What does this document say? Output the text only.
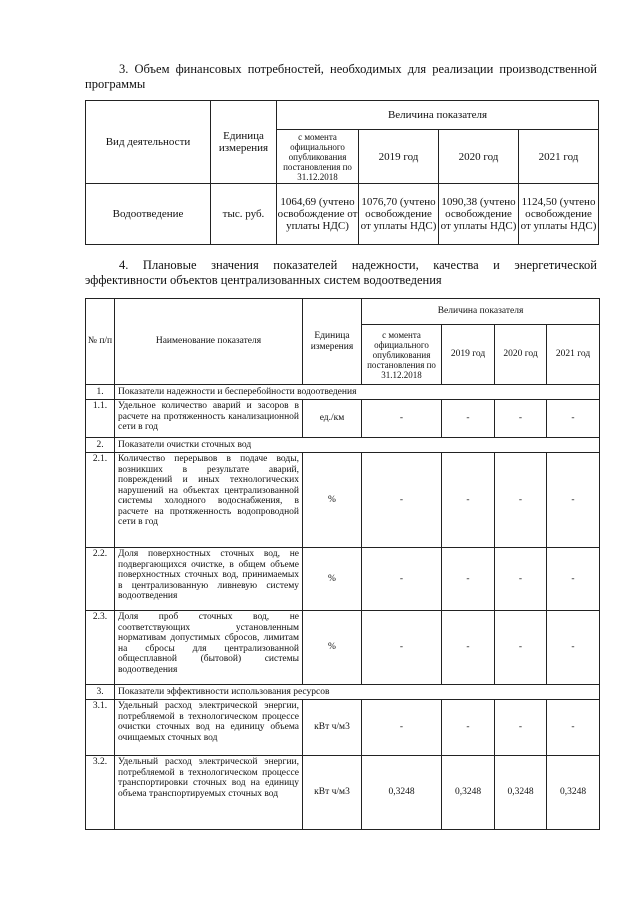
3. Объем финансовых потребностей, необходимых для реализации производственной программы
Вид деятельности	Единица измерения	Величина показателя			
		с момента официального опубликования постановления по 31.12.2018	2019 год	2020 год	2021 год
Водоотведение	тыс. руб.	1064,69 (учтено освобождение от уплаты НДС)	1076,70 (учтено освобождение от уплаты НДС)	1090,38 (учтено освобождение от уплаты НДС)	1124,50 (учтено освобождение от уплаты НДС)
4. Плановые значения показателей надежности, качества и энергетической эффективности объектов централизованных систем водоотведения
№ п/п	Наименование показателя	Единица измерения	Величина показателя			
			с момента официального опубликования постановления по 31.12.2018	2019 год	2020 год	2021 год
1.	Показатели надежности и бесперебойности водоотведения					
1.1.	Удельное количество аварий и засоров в расчете на протяженность канализационной сети в год	ед./км	-	-	-	-
2.	Показатели очистки сточных вод					
2.1.	Количество перерывов в подаче воды, возникших в результате аварий, повреждений и иных технологических нарушений на объектах централизованной системы холодного водоснабжения, в расчете на протяженность водопроводной сети в год	%	-	-	-	-
2.2.	Доля поверхностных сточных вод, не подвергающихся очистке, в общем объеме поверхностных сточных вод, принимаемых в централизованную ливневую систему водоотведения	%	-	-	-	-
2.3.	Доля проб сточных вод, не соответствующих установленным нормативам допустимых сбросов, лимитам на сбросы для централизованной общесплавной (бытовой) системы водоотведения	%	-	-	-	-
3.	Показатели эффективности использования ресурсов					
3.1.	Удельный расход электрической энергии, потребляемой в технологическом процессе очистки сточных вод на единицу объема очищаемых сточных вод	кВт ч/м3	-	-	-	-
3.2.	Удельный расход электрической энергии, потребляемой в технологическом процессе транспортировки сточных вод на единицу объема транспортируемых сточных вод	кВт ч/м3	0,3248	0,3248	0,3248	0,3248
